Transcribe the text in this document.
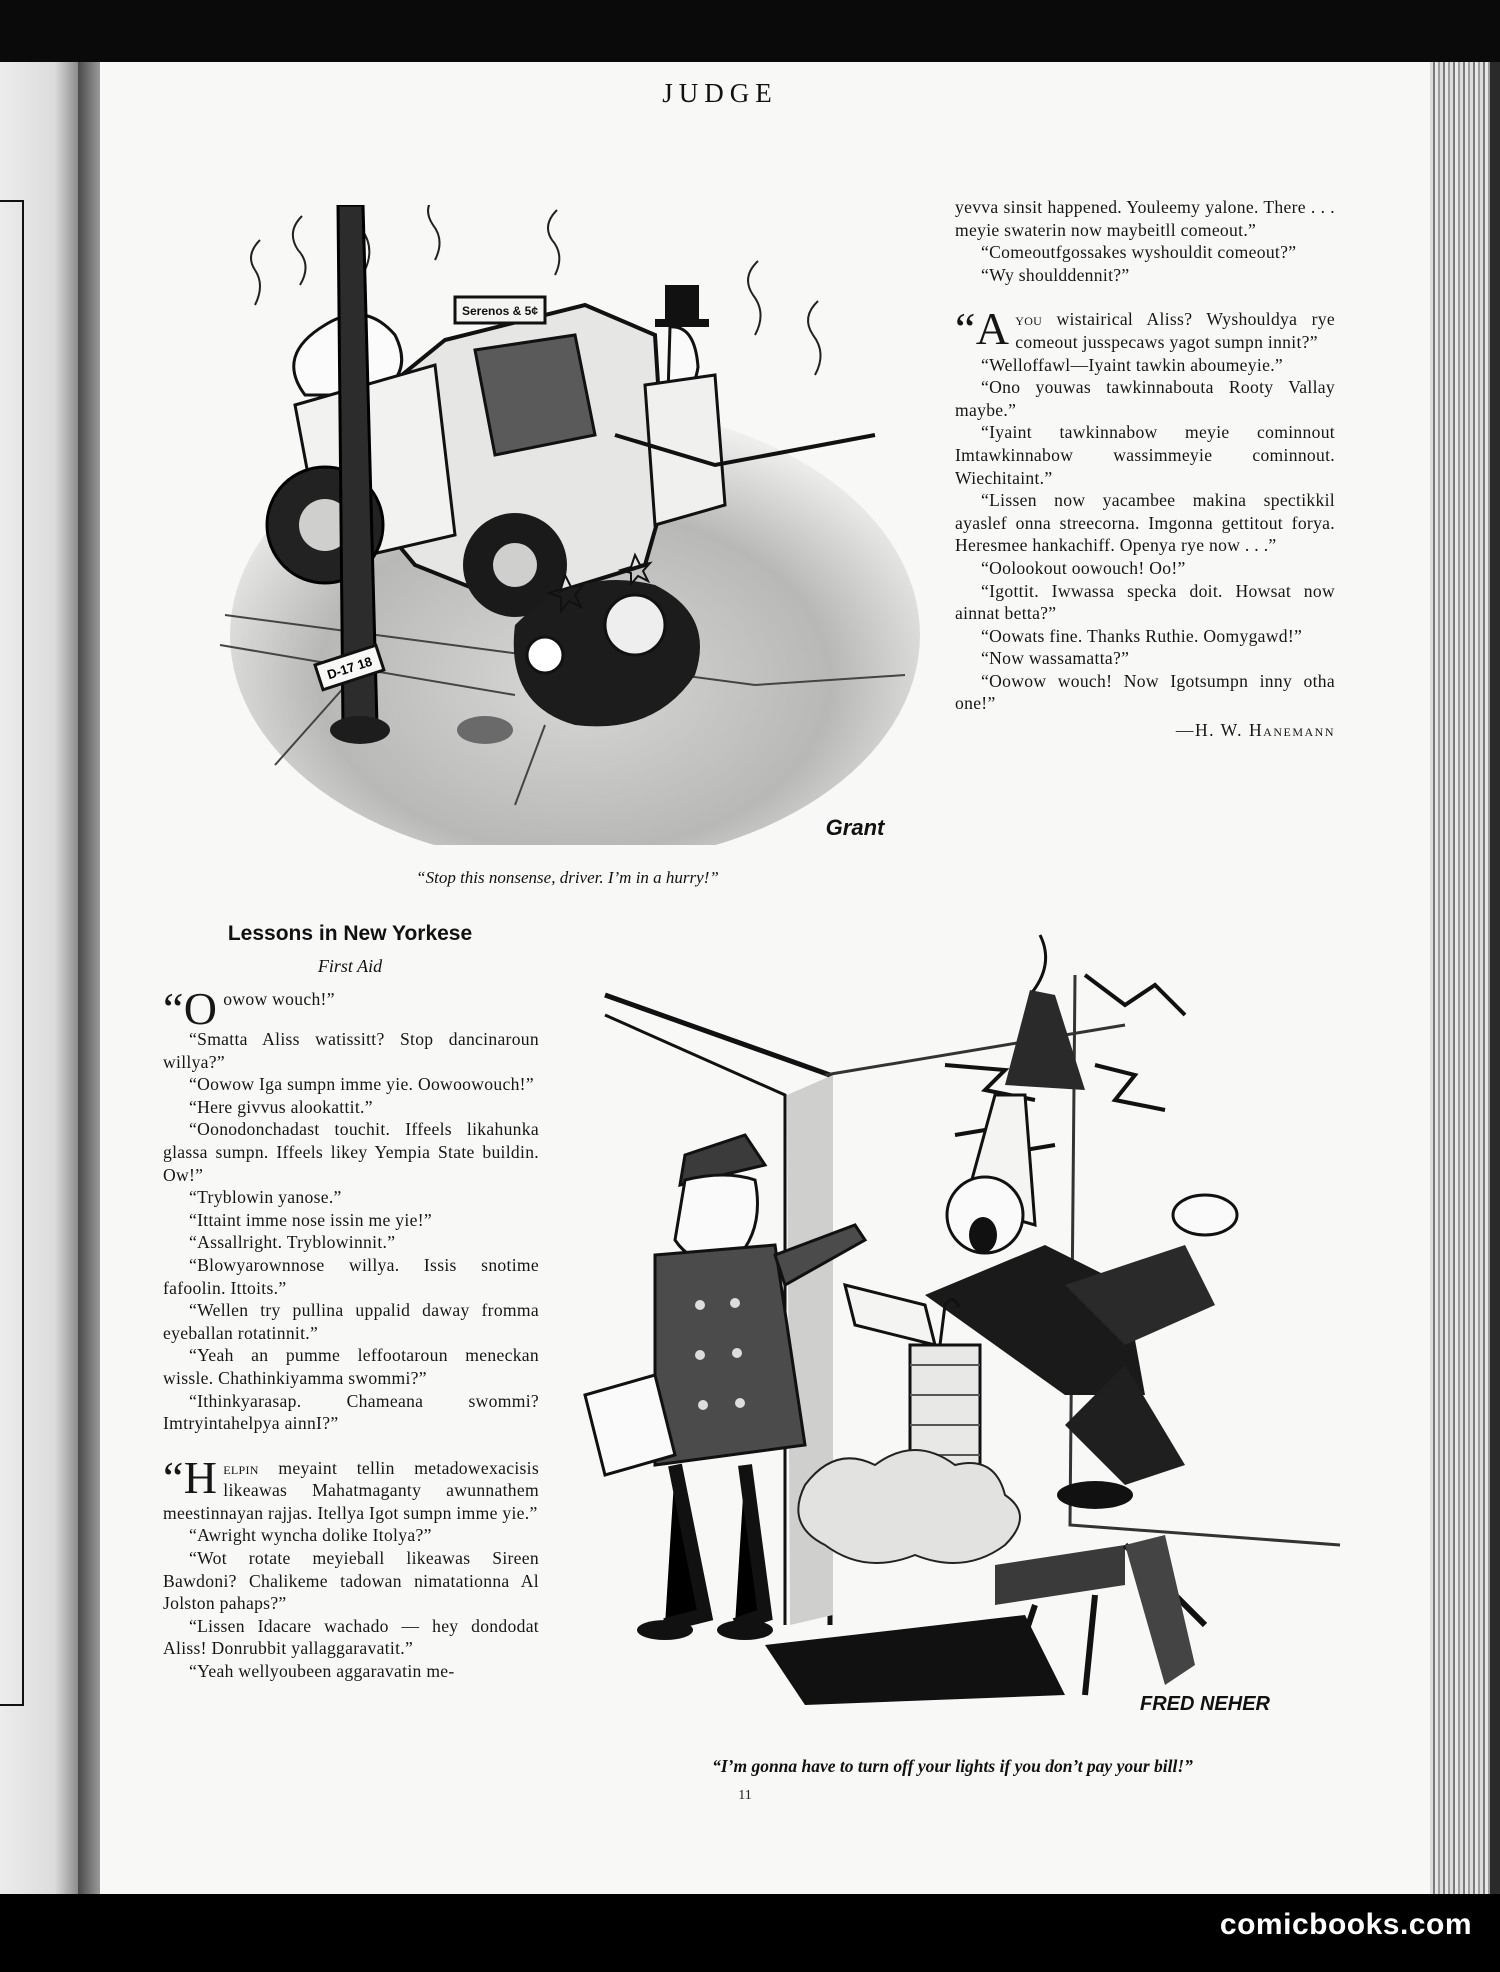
JUDGE
Serenos & 5¢
D-17 18
Grant
“Stop this nonsense, driver. I’m in a hurry!”

yevva sinsit happened. Youleemy yalone. There . . . meyie swaterin now maybeitll comeout.”

“Comeoutfgossakes wyshouldit comeout?”

“Wy shoulddennit?”

“Ayou wistairical Aliss? Wyshouldya rye comeout jusspecaws yagot sumpn innit?”

“Welloffawl—Iyaint tawkin aboumeyie.”

“Ono youwas tawkinnabouta Rooty Vallay maybe.”

“Iyaint tawkinnabow meyie cominnout Imtawkinnabow wassimmeyie cominnout. Wiechitaint.”

“Lissen now yacambee makina spectikkil ayaslef onna streecorna. Imgonna gettitout forya. Heresmee hankachiff. Openya rye now . . .”

“Oolookout oowouch! Oo!”

“Igottit. Iwwassa specka doit. Howsat now ainnat betta?”

“Oowats fine. Thanks Ruthie. Oomygawd!”

“Now wassamatta?”

“Oowow wouch! Now Igotsumpn inny otha one!”

—H. W. Hanemann
Lessons in New Yorkese
First Aid

“Oowow wouch!”

“Smatta Aliss watissitt? Stop dancinaroun willya?”

“Oowow Iga sumpn imme yie. Oowoowouch!”

“Here givvus alookattit.”

“Oonodonchadast touchit. Iffeels likahunka glassa sumpn. Iffeels likey Yempia State buildin. Ow!”

“Tryblowin yanose.”

“Ittaint imme nose issin me yie!”

“Assallright. Tryblowinnit.”

“Blowyarownnose willya. Issis snotime fafoolin. Ittoits.”

“Wellen try pullina uppalid daway fromma eyeballan rotatinnit.”

“Yeah an pumme leffootaroun meneckan wissle. Chathinkiyamma swommi?”

“Ithinkyarasap. Chameana swommi? Imtryintahelpya ainnI?”

“Helpin meyaint tellin metadowexacisis likeawas Mahatmaganty awunnathem meestinnayan rajjas. Itellya Igot sumpn imme yie.”

“Awright wyncha dolike Itolya?”

“Wot rotate meyieball likeawas Sireen Bawdoni? Chalikeme tadowan nimatationna Al Jolston pahaps?”

“Lissen Idacare wachado — hey dondodat Aliss! Donrubbit yallaggaravatit.”

“Yeah wellyoubeen aggaravatin me-

FRED NEHER
“I’m gonna have to turn off your lights if you don’t pay your bill!”
11
comicbooks.com
